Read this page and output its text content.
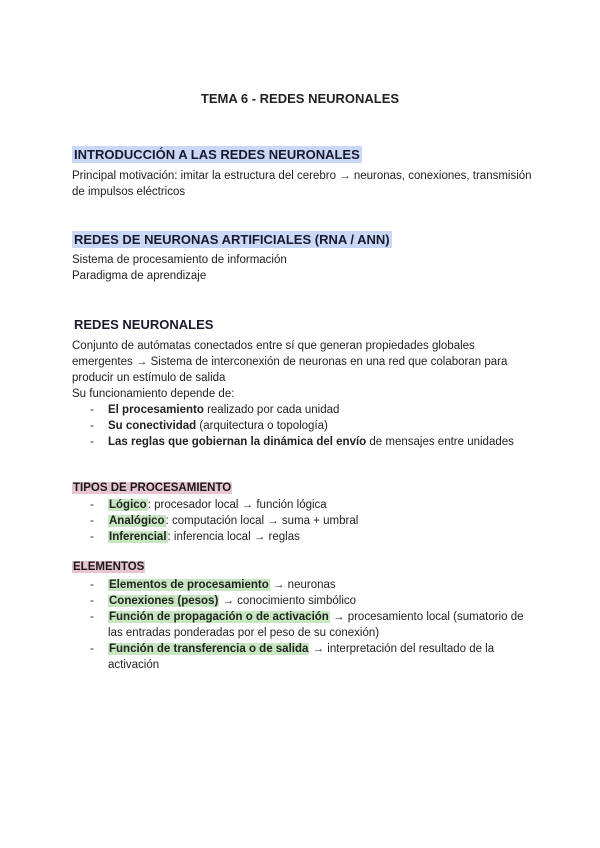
TEMA 6 - REDES NEURONALES
INTRODUCCIÓN A LAS REDES NEURONALES
Principal motivación: imitar la estructura del cerebro → neuronas, conexiones, transmisión de impulsos eléctricos
REDES DE NEURONAS ARTIFICIALES (RNA / ANN)
Sistema de procesamiento de información
Paradigma de aprendizaje
REDES NEURONALES
Conjunto de autómatas conectados entre sí que generan propiedades globales emergentes → Sistema de interconexión de neuronas en una red que colaboran para producir un estímulo de salida
Su funcionamiento depende de:
- El procesamiento realizado por cada unidad
- Su conectividad (arquitectura o topología)
- Las reglas que gobiernan la dinámica del envío de mensajes entre unidades
TIPOS DE PROCESAMIENTO
- Lógico: procesador local → función lógica
- Analógico: computación local → suma + umbral
- Inferencial: inferencia local → reglas
ELEMENTOS
- Elementos de procesamiento → neuronas
- Conexiones (pesos) → conocimiento simbólico
- Función de propagación o de activación → procesamiento local (sumatorio de las entradas ponderadas por el peso de su conexión)
- Función de transferencia o de salida → interpretación del resultado de la activación
